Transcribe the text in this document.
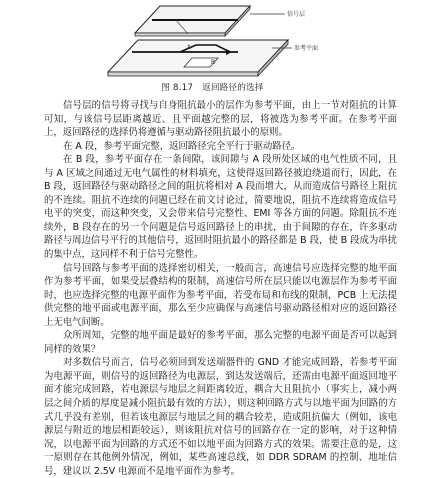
信号层
参考平面
A
B
图 8.17   返回路径的选择

信号层的信号将寻找与自身阻抗最小的层作为参考平面，由上一节对阻抗的计算可知，与该信号层距离越近、且平面越完整的层，将被选为参考平面。在参考平面上，返回路径的选择仍将遵循与驱动路径阻抗最小的原则。

在 A 段，参考平面完整，返回路径完全平行于驱动路径。

在 B 段，参考平面存在一条间隙，该间隙与 A 段所处区域的电气性质不同，且与 A 区域之间通过无电气属性的材料填充，这使得返回路径被迫绕道而行，因此，在 B 段，返回路径与驱动路径之间的阻抗将相对 A 段而增大，从而造成信号路径上阻抗的不连续。阻抗不连续的问题已经在前文讨论过，简要地说，阻抗不连续将造成信号电平的突变，而这种突变，又会带来信号完整性、EMI 等各方面的问题。除阻抗不连续外，B 段存在的另一个问题是信号返回路径上的串扰，由于间隙的存在，许多驱动路径与周边信号平行的其他信号，返回时阻抗最小的路径都是 B 段，使 B 段成为串扰的集中点，这同样不利于信号完整性。

信号回路与参考平面的选择密切相关，一般而言，高速信号应选择完整的地平面作为参考平面，如果受层叠结构的限制，高速信号所在层只能以电源层作为参考平面时，也应选择完整的电源平面作为参考平面，若受布局和布线的限制，PCB 上无法提供完整的地平面或电源平面，那么至少应确保与高速信号驱动路径相对应的返回路径上无电气间断。

众所周知，完整的地平面是最好的参考平面，那么完整的电源平面是否可以起到同样的效果？

对多数信号而言，信号必须回到发送端器件的 GND 才能完成回路，若参考平面为电源平面，则信号的返回路径为电源层，到达发送端后，还需由电源平面返回地平面才能完成回路，若电源层与地层之间距离较近，耦合大且阻抗小（事实上，减小两层之间介质的厚度是减小阻抗最有效的方法），则这种回路方式与以地平面为回路的方式几乎没有差别，但若该电源层与地层之间的耦合较差，造成阻抗偏大（例如，该电源层与附近的地层相距较远），则该阻抗对信号的回路存在一定的影响，对于这种情况，以电源平面为回路的方式还不如以地平面为回路方式的效果。需要注意的是，这一原则存在其他例外情况，例如，某些高速总线，如 DDR SDRAM 的控制、地址信号，建议以 2.5V 电源而不是地平面作为参考。
